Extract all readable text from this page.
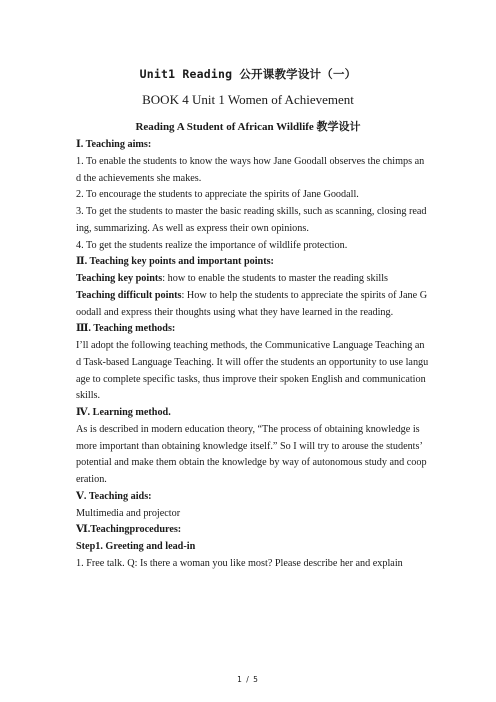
Unit1 Reading 公开课教学设计（一）
BOOK 4 Unit 1 Women of Achievement
Reading A Student of African Wildlife 教学设计
Ⅰ. Teaching aims:
1. To enable the students to know the ways how Jane Goodall observes the chimps an
d the achievements she makes.
2. To encourage the students to appreciate the spirits of Jane Goodall.
3. To get the students to master the basic reading skills, such as scanning, closing read
ing, summarizing. As well as express their own opinions.
4. To get the students realize the importance of wildlife protection.
Ⅱ. Teaching key points and important points:
Teaching key points: how to enable the students to master the reading skills
Teaching difficult points: How to help the students to appreciate the spirits of Jane G
oodall and express their thoughts using what they have learned in the reading.
Ⅲ. Teaching methods:
I’ll adopt the following teaching methods, the Communicative Language Teaching an
d Task-based Language Teaching. It will offer the students an opportunity to use langu
age to complete specific tasks, thus improve their spoken English and communication
skills.
Ⅳ. Learning method.
As is described in modern education theory, “The process of obtaining knowledge is
more important than obtaining knowledge itself.” So I will try to arouse the students’
potential and make them obtain the knowledge by way of autonomous study and coop
eration.
Ⅴ. Teaching aids:
Multimedia and projector
Ⅵ.Teachingprocedures:
Step1. Greeting and lead-in
1. Free talk. Q: Is there a woman you like most? Please describe her and explain
1 / 5
